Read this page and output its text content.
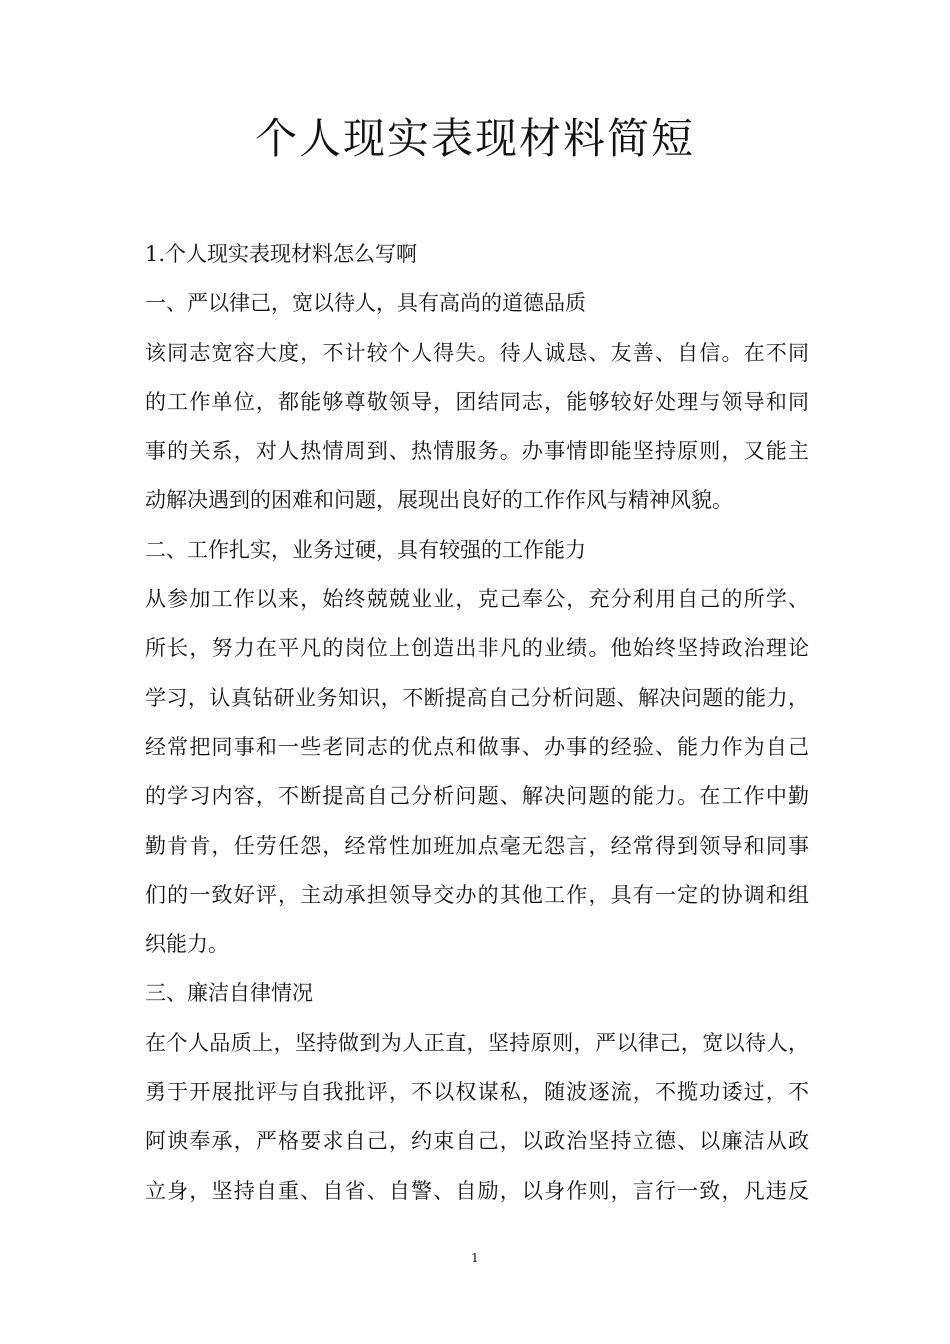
个人现实表现材料简短
1.个人现实表现材料怎么写啊
一、严以律己，宽以待人，具有高尚的道德品质
该同志宽容大度，不计较个人得失。待人诚恳、友善、自信。在不同
的工作单位，都能够尊敬领导，团结同志，能够较好处理与领导和同
事的关系，对人热情周到、热情服务。办事情即能坚持原则，又能主
动解决遇到的困难和问题，展现出良好的工作作风与精神风貌。
二、工作扎实，业务过硬，具有较强的工作能力
从参加工作以来，始终兢兢业业，克己奉公，充分利用自己的所学、
所长，努力在平凡的岗位上创造出非凡的业绩。他始终坚持政治理论
学习，认真钻研业务知识，不断提高自己分析问题、解决问题的能力，
经常把同事和一些老同志的优点和做事、办事的经验、能力作为自己
的学习内容，不断提高自己分析问题、解决问题的能力。在工作中勤
勤肯肯，任劳任怨，经常性加班加点毫无怨言，经常得到领导和同事
们的一致好评，主动承担领导交办的其他工作，具有一定的协调和组
织能力。
三、廉洁自律情况
在个人品质上，坚持做到为人正直，坚持原则，严以律己，宽以待人，
勇于开展批评与自我批评，不以权谋私，随波逐流，不揽功诿过，不
阿谀奉承，严格要求自己，约束自己，以政治坚持立德、以廉洁从政
立身，坚持自重、自省、自警、自励，以身作则，言行一致，凡违反
1
